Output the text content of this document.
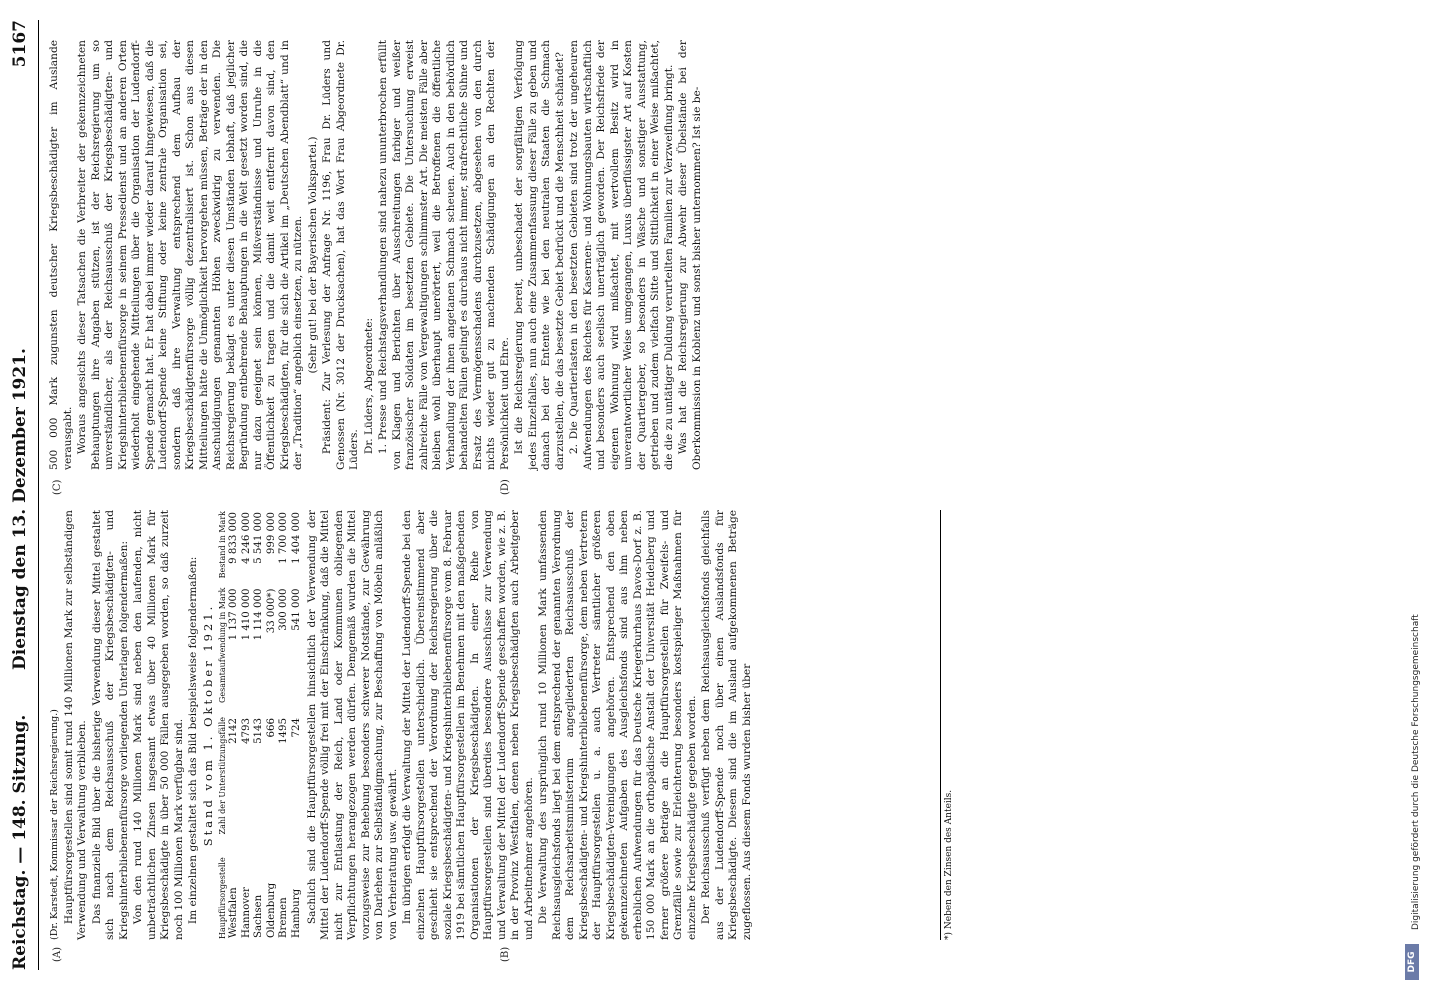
Reichstag. — 148. Sitzung.
Dienstag den 13. Dezember 1921.
5167
(A)	(B)
(C)	(D)

(Dr. Karstedt, Kommissar der Reichsregierung.) Hauptfürsorgestellen sind somit rund 140 Millionen Mark zur selbständigen Verwendung und Verwaltung verblieben. Das finanzielle Bild über die bisherige Verwendung dieser Mittel gestaltet sich nach dem Reichsausschuß der Kriegsbeschädigten- und Kriegshinterbliebenenfürsorge vorliegenden Unterlagen folgendermaßen: Von den rund 140 Millionen Mark sind neben den laufenden, nicht unbeträchtlichen Zinsen insgesamt etwas über 40 Millionen Mark für Kriegsbeschädigte in über 50 000 Fällen ausgegeben worden, so daß zurzeit noch 100 Millionen Mark verfügbar sind. Im einzelnen gestaltet sich das Bild beispielsweise folgendermaßen: Stand vom 1. Oktober 1921.

Hauptfürsorgestelle	Zahl der Unterstützungsfälle	Gesamtaufwendung in Mark	Bestand in Mark
Westfalen	2142	1 137 000	9 833 000
Hannover	4793	1 410 000	4 246 000
Sachsen	5143	1 114 000	5 541 000
Oldenburg	666	33 000*)	999 000
Bremen	1495	300 000	1 700 000
Hamburg	724	541 000	1 404 000 Sachlich sind die Hauptfürsorgestellen hinsichtlich der Verwendung der Mittel der Ludendorff-Spende völlig frei mit der Einschränkung, daß die Mittel nicht zur Entlastung der Reich, Land oder Kommunen obliegenden Verpflichtungen herangezogen werden dürfen. Demgemäß wurden die Mittel vorzugsweise zur Behebung besonders schwerer Notstände, zur Gewährung von Darlehen zur Selbständigmachung, zur Beschaffung von Möbeln anläßlich von Verheiratung usw. gewährt. Im übrigen erfolgt die Verwaltung der Mittel der Ludendorff-Spende bei den einzelnen Hauptfürsorgestellen unterschiedlich. Übereinstimmend aber geschieht sie entsprechend der Verordnung der Reichsregierung über die soziale Kriegsbeschädigten- und Kriegshinterbliebenenfürsorge vom 8. Februar 1919 bei sämtlichen Hauptfürsorgestellen im Benehmen mit den maßgebenden Organisationen der Kriegsbeschädigten. In einer Reihe von Hauptfürsorgestellen sind überdies besondere Ausschüsse zur Verwendung und Verwaltung der Mittel der Ludendorff-Spende geschaffen worden, wie z. B. in der Provinz Westfalen, denen neben Kriegsbeschädigten auch Arbeitgeber und Arbeitnehmer angehören. Die Verwaltung des ursprünglich rund 10 Millionen Mark umfassenden Reichsausgleichsfonds liegt bei dem entsprechend der genannten Verordnung dem Reichsarbeitsministerium angegliederten Reichsausschuß der Kriegsbeschädigten- und Kriegshinterbliebenenfürsorge, dem neben Vertretern der Hauptfürsorgestellen u. a. auch Vertreter sämtlicher größeren Kriegsbeschädigten-Vereinigungen angehören. Entsprechend den oben gekennzeichneten Aufgaben des Ausgleichsfonds sind aus ihm neben erheblichen Aufwendungen für das Deutsche Kriegerkurhaus Davos-Dorf z. B. 150 000 Mark an die orthopädische Anstalt der Universität Heidelberg und ferner größere Beträge an die Hauptfürsorgestellen für Zweifels- und Grenzfälle sowie zur Erleichterung besonders kostspieliger Maßnahmen für einzelne Kriegsbeschädigte gegeben worden. Der Reichsausschuß verfügt neben dem Reichsausgleichsfonds gleichfalls aus der Ludendorff-Spende noch über einen Auslandsfonds für Kriegsbeschädigte. Diesem sind die im Ausland aufgekommenen Beträge zugeflossen. Aus diesem Fonds wurden bisher über	*) Neben den Zinsen des Anteils.

500 000 Mark zugunsten deutscher Kriegsbeschädigter im Auslande verausgabt. Woraus angesichts dieser Tatsachen die Verbreiter der gekennzeichneten Behauptungen ihre Angaben stützen, ist der Reichsregierung um so unverständlicher, als der Reichsausschuß der Kriegsbeschädigten- und Kriegshinterbliebenenfürsorge in seinem Pressedienst und an anderen Orten wiederholt eingehende Mitteilungen über die Organisation der Ludendorff-Spende gemacht hat. Er hat dabei immer wieder darauf hingewiesen, daß die Ludendorff-Spende keine Stiftung oder keine zentrale Organisation sei, sondern daß ihre Verwaltung entsprechend dem Aufbau der Kriegsbeschädigtenfürsorge völlig dezentralisiert ist. Schon aus diesen Mitteilungen hätte die Unmöglichkeit hervorgehen müssen, Beträge der in den Anschuldigungen genannten Höhen zweckwidrig zu verwenden. Die Reichsregierung beklagt es unter diesen Umständen lebhaft, daß jeglicher Begründung entbehrende Behauptungen in die Welt gesetzt worden sind, die nur dazu geeignet sein können, Mißverständnisse und Unruhe in die Öffentlichkeit zu tragen und die damit weit entfernt davon sind, den Kriegsbeschädigten, für die sich die Artikel im „Deutschen Abendblatt“ und in der „Tradition“ angeblich einsetzen, zu nützen. (Sehr gut! bei der Bayerischen Volkspartei.) Präsident: Zur Verlesung der Anfrage Nr. 1196, Frau Dr. Lüders und Genossen (Nr. 3012 der Drucksachen), hat das Wort Frau Abgeordnete Dr. Lüders. Dr. Lüders, Abgeordnete: 1. Presse und Reichstagsverhandlungen sind nahezu ununterbrochen erfüllt von Klagen und Berichten über Ausschreitungen farbiger und weißer französischer Soldaten im besetzten Gebiete. Die Untersuchung erweist zahlreiche Fälle von Vergewaltigungen schlimmster Art. Die meisten Fälle aber bleiben wohl überhaupt unerörtert, weil die Betroffenen die öffentliche Verhandlung der ihnen angetanen Schmach scheuen. Auch in den behördlich behandelten Fällen gelingt es durchaus nicht immer, strafrechtliche Sühne und Ersatz des Vermögensschadens durchzusetzen, abgesehen von den durch nichts wieder gut zu machenden Schädigungen an den Rechten der Persönlichkeit und Ehre. Ist die Reichsregierung bereit, unbeschadet der sorgfältigen Verfolgung jedes Einzelfalles, nun auch eine Zusammenfassung dieser Fälle zu geben und danach bei der Entente wie bei den neutralen Staaten die Schmach darzustellen, die das besetzte Gebiet bedrückt und die Menschheit schändet? 2. Die Quartierlasten in den besetzten Gebieten sind trotz der ungeheuren Aufwendungen des Reiches für Kasernen- und Wohnungsbauten wirtschaftlich und besonders auch seelisch unerträglich geworden. Der Reichsfriede der eigenen Wohnung wird mißachtet, mit wertvollem Besitz wird in unverantwortlicher Weise umgegangen, Luxus überflüssigster Art auf Kosten der Quartiergeber, so besonders in Wäsche und sonstiger Ausstattung, getrieben und zudem vielfach Sitte und Sittlichkeit in einer Weise mißachtet, die die zu untätiger Duldung verurteilten Familien zur Verzweiflung bringt. Was hat die Reichsregierung zur Abwehr dieser Übelstände bei der Oberkommission in Koblenz und sonst bisher unternommen? Ist sie be-

DFG
Digitalisierung gefördert durch die Deutsche Forschungsgemeinschaft
